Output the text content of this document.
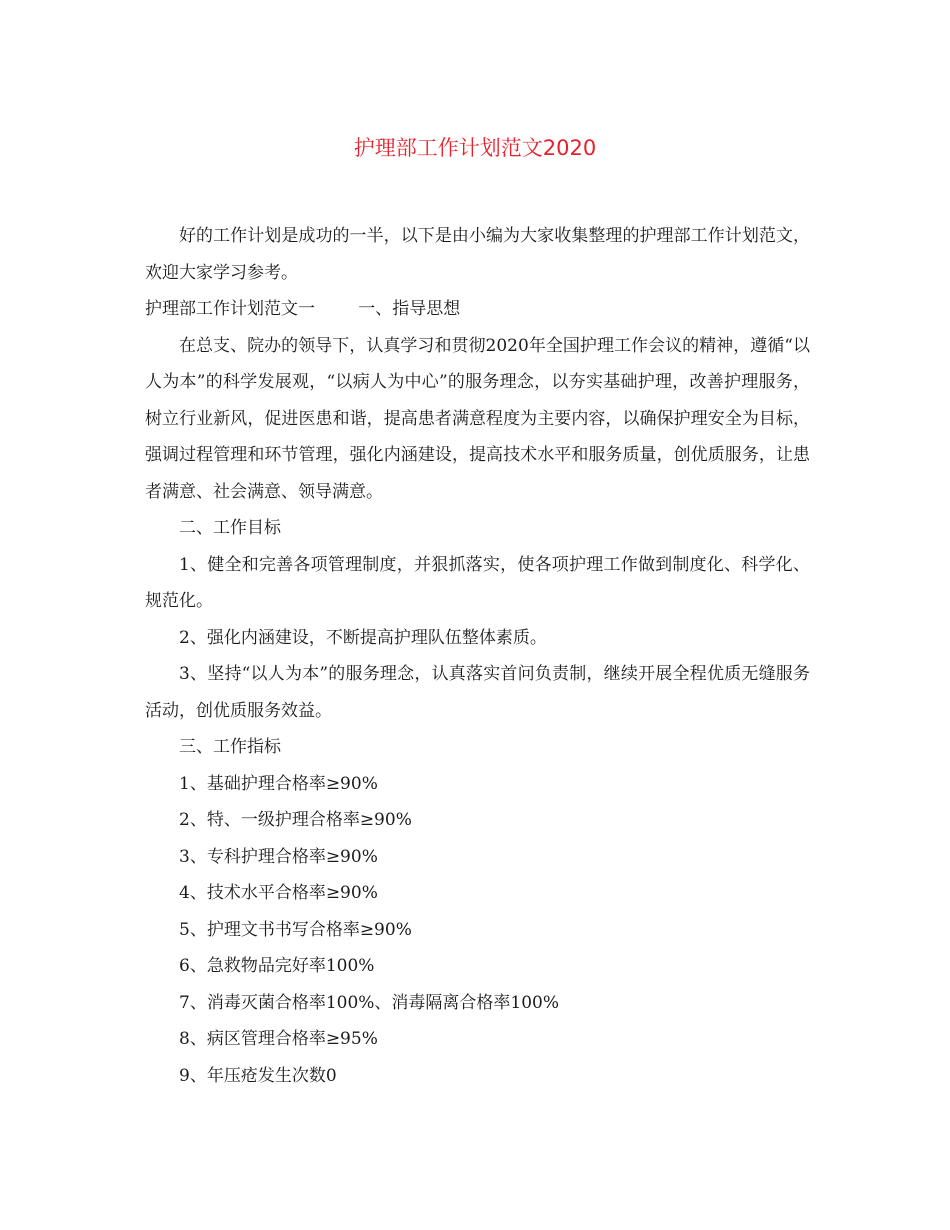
护理部工作计划范文2020

好的工作计划是成功的一半，以下是由小编为大家收集整理的护理部工作计划范文，欢迎大家学习参考。

护理部工作计划范文一        一、指导思想

在总支、院办的领导下，认真学习和贯彻2020年全国护理工作会议的精神，遵循“以人为本”的科学发展观，“以病人为中心”的服务理念，以夯实基础护理，改善护理服务，树立行业新风，促进医患和谐，提高患者满意程度为主要内容，以确保护理安全为目标，强调过程管理和环节管理，强化内涵建设，提高技术水平和服务质量，创优质服务，让患者满意、社会满意、领导满意。

二、工作目标

1、健全和完善各项管理制度，并狠抓落实，使各项护理工作做到制度化、科学化、规范化。

2、强化内涵建设，不断提高护理队伍整体素质。

3、坚持“以人为本”的服务理念，认真落实首问负责制，继续开展全程优质无缝服务活动，创优质服务效益。

三、工作指标

1、基础护理合格率≥90%

2、特、一级护理合格率≥90%

3、专科护理合格率≥90%

4、技术水平合格率≥90%

5、护理文书书写合格率≥90%

6、急救物品完好率100%

7、消毒灭菌合格率100%、消毒隔离合格率100%

8、病区管理合格率≥95%

9、年压疮发生次数0
